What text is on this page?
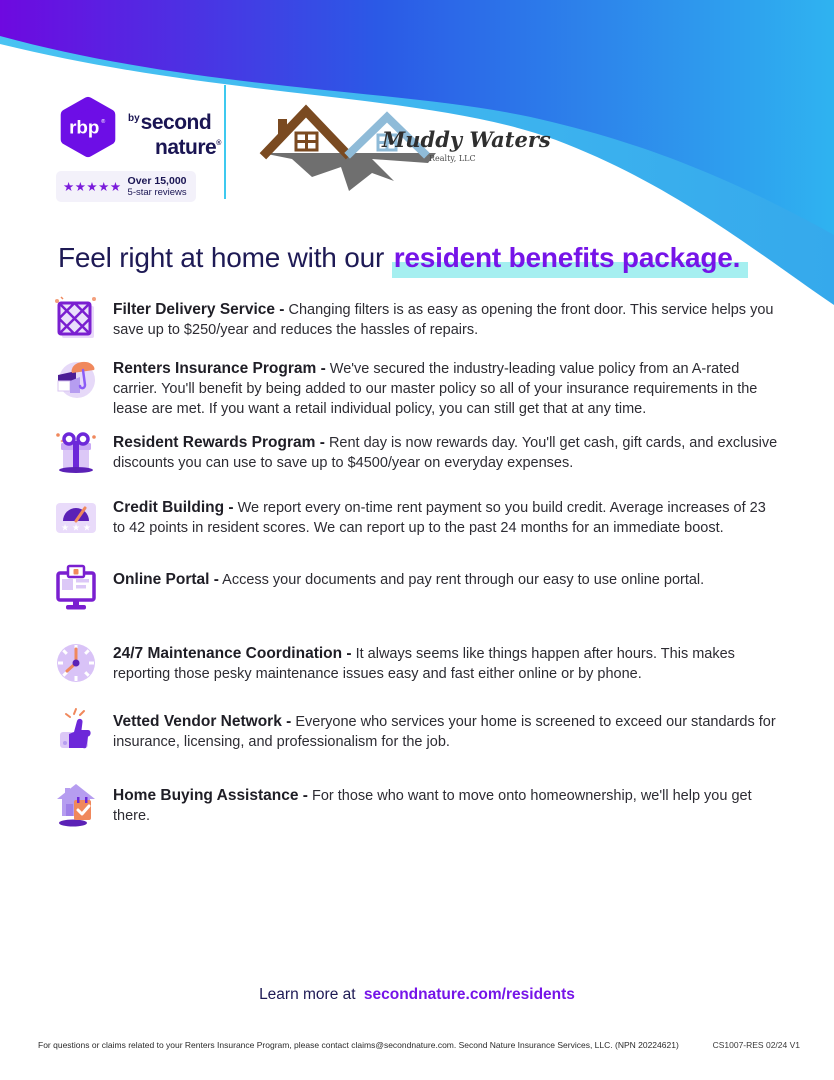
rbp ® $^{by}$second
nature®
★★★★★ Over 15,000
5-star reviews
Muddy Waters
Realty, LLC
Feel right at home with our resident benefits package.

Filter Delivery Service - Changing filters is as easy as opening the front door. This service helps you save up to $250/year and reduces the hassles of repairs.

Renters Insurance Program - We've secured the industry-leading value policy from an A-rated carrier. You'll benefit by being added to our master policy so all of your insurance requirements in the lease are met. If you want a retail individual policy, you can still get that at any time.

Resident Rewards Program - Rent day is now rewards day. You'll get cash, gift cards, and exclusive discounts you can use to save up to $4500/year on everyday expenses.

★ ★ ★

Credit Building - We report every on-time rent payment so you build credit. Average increases of 23 to 42 points in resident scores. We can report up to the past 24 months for an immediate boost.

Online Portal - Access your documents and pay rent through our easy to use online portal.

24/7 Maintenance Coordination - It always seems like things happen after hours. This makes reporting those pesky maintenance issues easy and fast either online or by phone.

Vetted Vendor Network - Everyone who services your home is screened to exceed our standards for insurance, licensing, and professionalism for the job.

Home Buying Assistance - For those who want to move onto homeownership, we'll help you get there.

Learn more at secondnature.com/residents
For questions or claims related to your Renters Insurance Program, please contact claims@secondnature.com. Second Nature Insurance Services, LLC. (NPN 20224621)	CS1007-RES 02/24 V1
